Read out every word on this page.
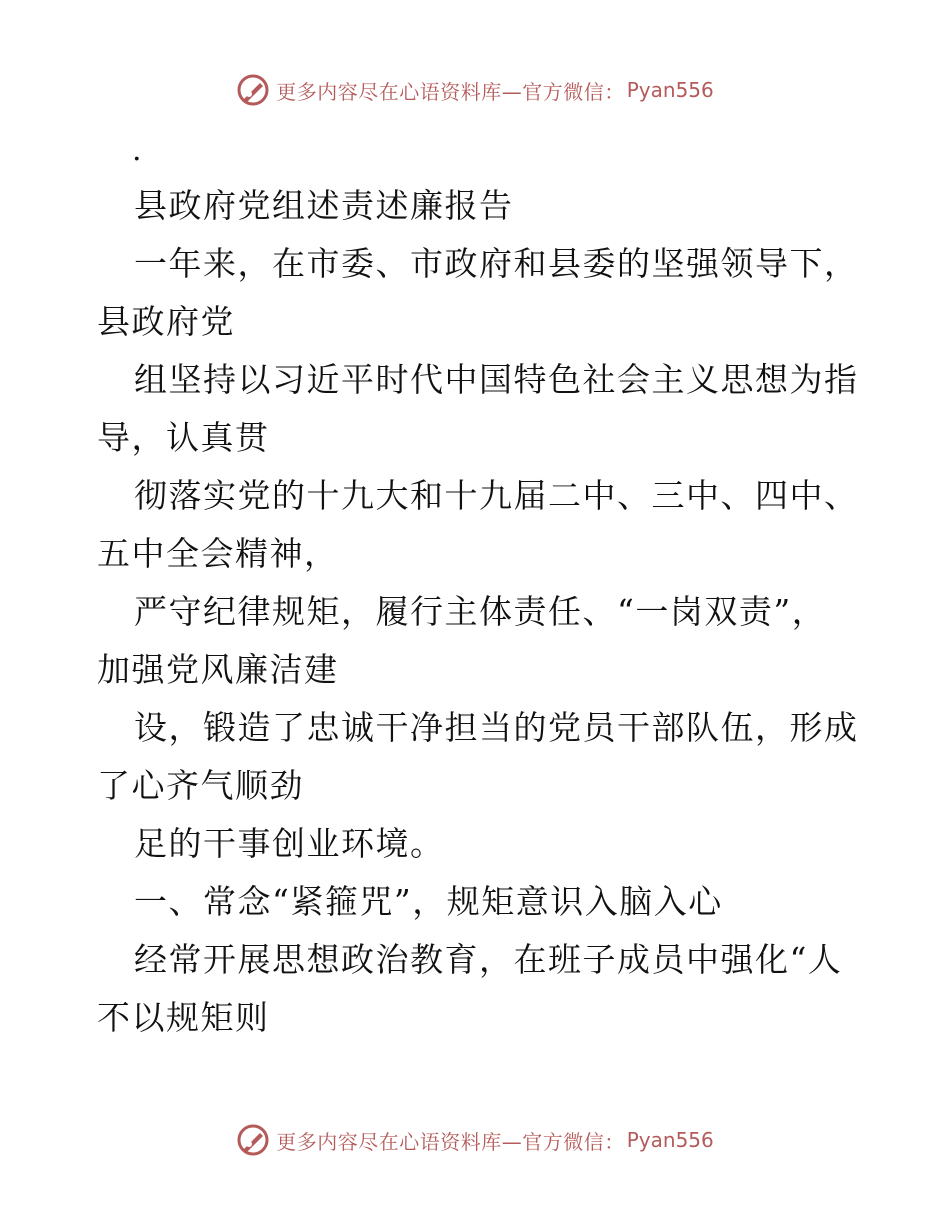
更多内容尽在心语资料库—官方微信： Pyan556
.
县政府党组述责述廉报告
一年来，在市委、市政府和县委的坚强领导下，
县政府党
组坚持以习近平时代中国特色社会主义思想为指
导，认真贯
彻落实党的十九大和十九届二中、三中、四中、
五中全会精神，
严守纪律规矩，履行主体责任、“一岗双责”，
加强党风廉洁建
设，锻造了忠诚干净担当的党员干部队伍，形成
了心齐气顺劲
足的干事创业环境。
一、常念“紧箍咒”，规矩意识入脑入心
经常开展思想政治教育，在班子成员中强化“人
不以规矩则
更多内容尽在心语资料库—官方微信： Pyan556
